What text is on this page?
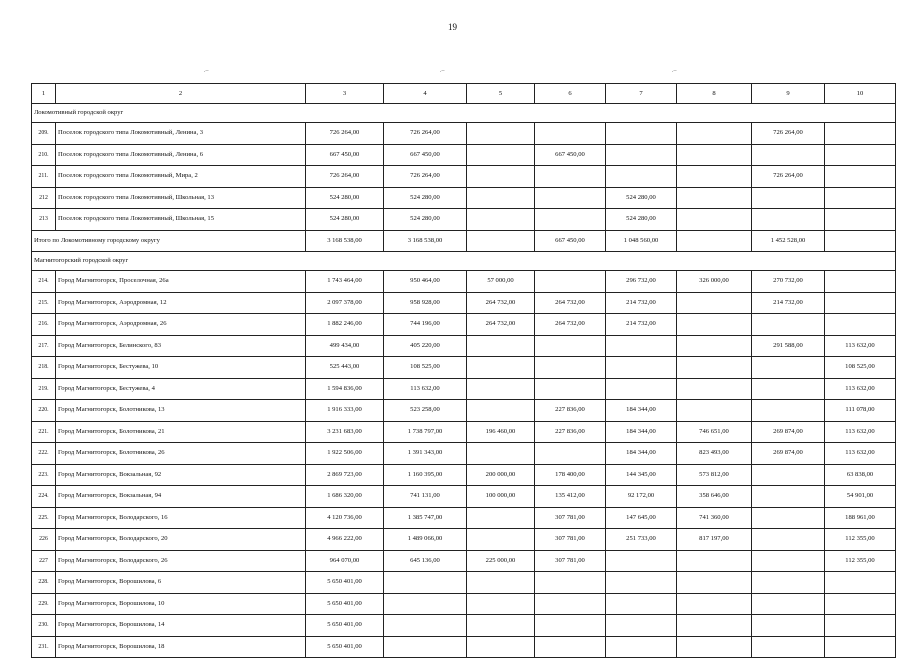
19
.–	.–	.–
1	2	3	4	5	6	7	8	9	10
Локомотивный городской округ									
209.	Поселок городского типа Локомотивный, Ленина, 3	726 264,00	726 264,00					726 264,00	
210.	Поселок городского типа Локомотивный, Ленина, 6	667 450,00	667 450,00		667 450,00				
211.	Поселок городского типа Локомотивный, Мира, 2	726 264,00	726 264,00					726 264,00	
212	Поселок городского типа Локомотивный, Школьная, 13	524 280,00	524 280,00			524 280,00			
213	Поселок городского типа Локомотивный, Школьная, 15	524 280,00	524 280,00			524 280,00			
Итого по Локомотивному городскому округу		3 168 538,00	3 168 538,00		667 450,00	1 048 560,00		1 452 528,00	
Магнитогорский городской округ									
214.	Город Магнитогорск, Проселочная, 26а	1 743 464,00	950 464,00	57 000,00		296 732,00	326 000,00	270 732,00	
215.	Город Магнитогорск, Аэродромная, 12	2 097 378,00	958 928,00	264 732,00	264 732,00	214 732,00		214 732,00	
216.	Город Магнитогорск, Аэродромная, 26	1 882 246,00	744 196,00	264 732,00	264 732,00	214 732,00			
217.	Город Магнитогорск, Белинского, 83	499 434,00	405 220,00					291 588,00	113 632,00
218.	Город Магнитогорск, Бестужева, 10	525 443,00	108 525,00						108 525,00
219.	Город Магнитогорск, Бестужева, 4	1 594 836,00	113 632,00						113 632,00
220.	Город Магнитогорск, Болотникова, 13	1 916 333,00	523 258,00		227 836,00	184 344,00			111 078,00
221.	Город Магнитогорск, Болотникова, 21	3 231 683,00	1 738 797,00	196 460,00	227 836,00	184 344,00	746 651,00	269 874,00	113 632,00
222.	Город Магнитогорск, Болотникова, 26	1 922 506,00	1 391 343,00			184 344,00	823 493,00	269 874,00	113 632,00
223.	Город Магнитогорск, Вокзальная, 92	2 869 723,00	1 160 395,00	200 000,00	178 400,00	144 345,00	573 812,00		63 838,00
224.	Город Магнитогорск, Вокзальная, 94	1 686 320,00	741 131,00	100 000,00	135 412,00	92 172,00	358 646,00		54 901,00
225.	Город Магнитогорск, Володарского, 16	4 120 736,00	1 385 747,00		307 781,00	147 645,00	741 360,00		188 961,00
226	Город Магнитогорск, Володарского, 20	4 966 222,00	1 489 066,00		307 781,00	251 733,00	817 197,00		112 355,00
227	Город Магнитогорск, Володарского, 26	964 070,00	645 136,00	225 000,00	307 781,00				112 355,00
228.	Город Магнитогорск, Ворошилова, 6	5 650 401,00							
229.	Город Магнитогорск, Ворошилова, 10	5 650 401,00							
230.	Город Магнитогорск, Ворошилова, 14	5 650 401,00							
231.	Город Магнитогорск, Ворошилова, 18	5 650 401,00							
